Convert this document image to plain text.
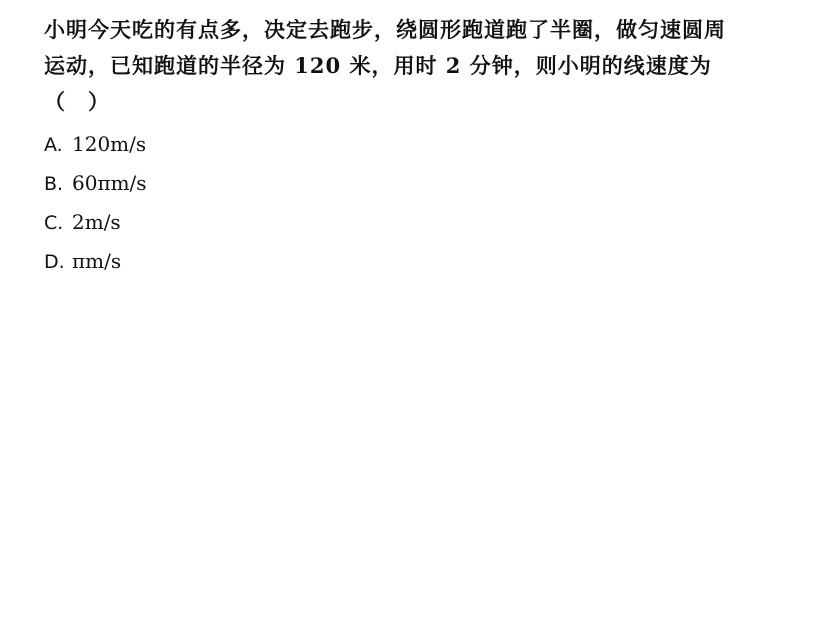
小明今天吃的有点多，决定去跑步，绕圆形跑道跑了半圈，做匀速圆周
运动，已知跑道的半径为 120 米，用时 2 分钟，则小明的线速度为
（　）

A. 120m/s
B. 60πm/s
C. 2m/s
D. πm/s
